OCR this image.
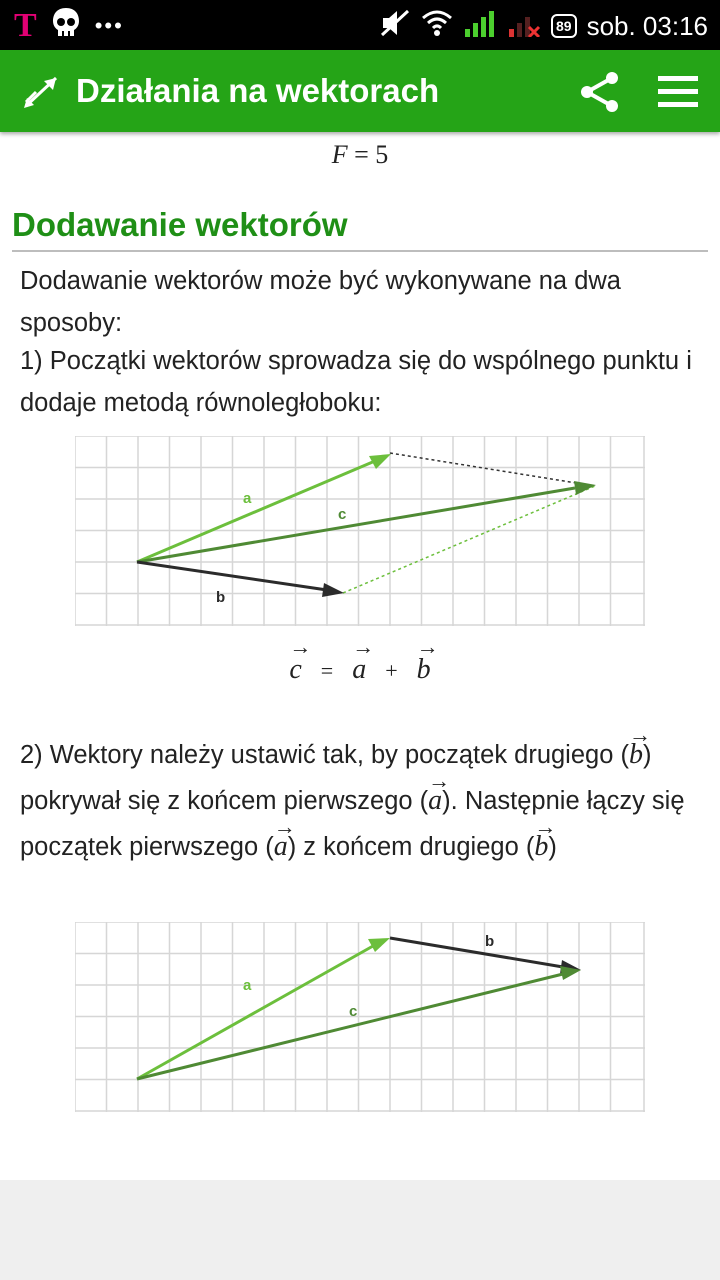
T	•••	89 sob. 03:16
Działania na wektorach
F = 5
Dodawanie wektorów
Dodawanie wektorów może być wykonywane na dwa sposoby:
1) Początki wektorów sprowadza się do wspólnego punktu i dodaje metodą równoległoboku:
a
c
b
→ c = → a + → b
2) Wektory należy ustawić tak, by początek drugiego (→ b)
pokrywał się z końcem pierwszego (→ a). Następnie łączy się
początek pierwszego (→ a) z końcem drugiego (→ b)
a
b
c
